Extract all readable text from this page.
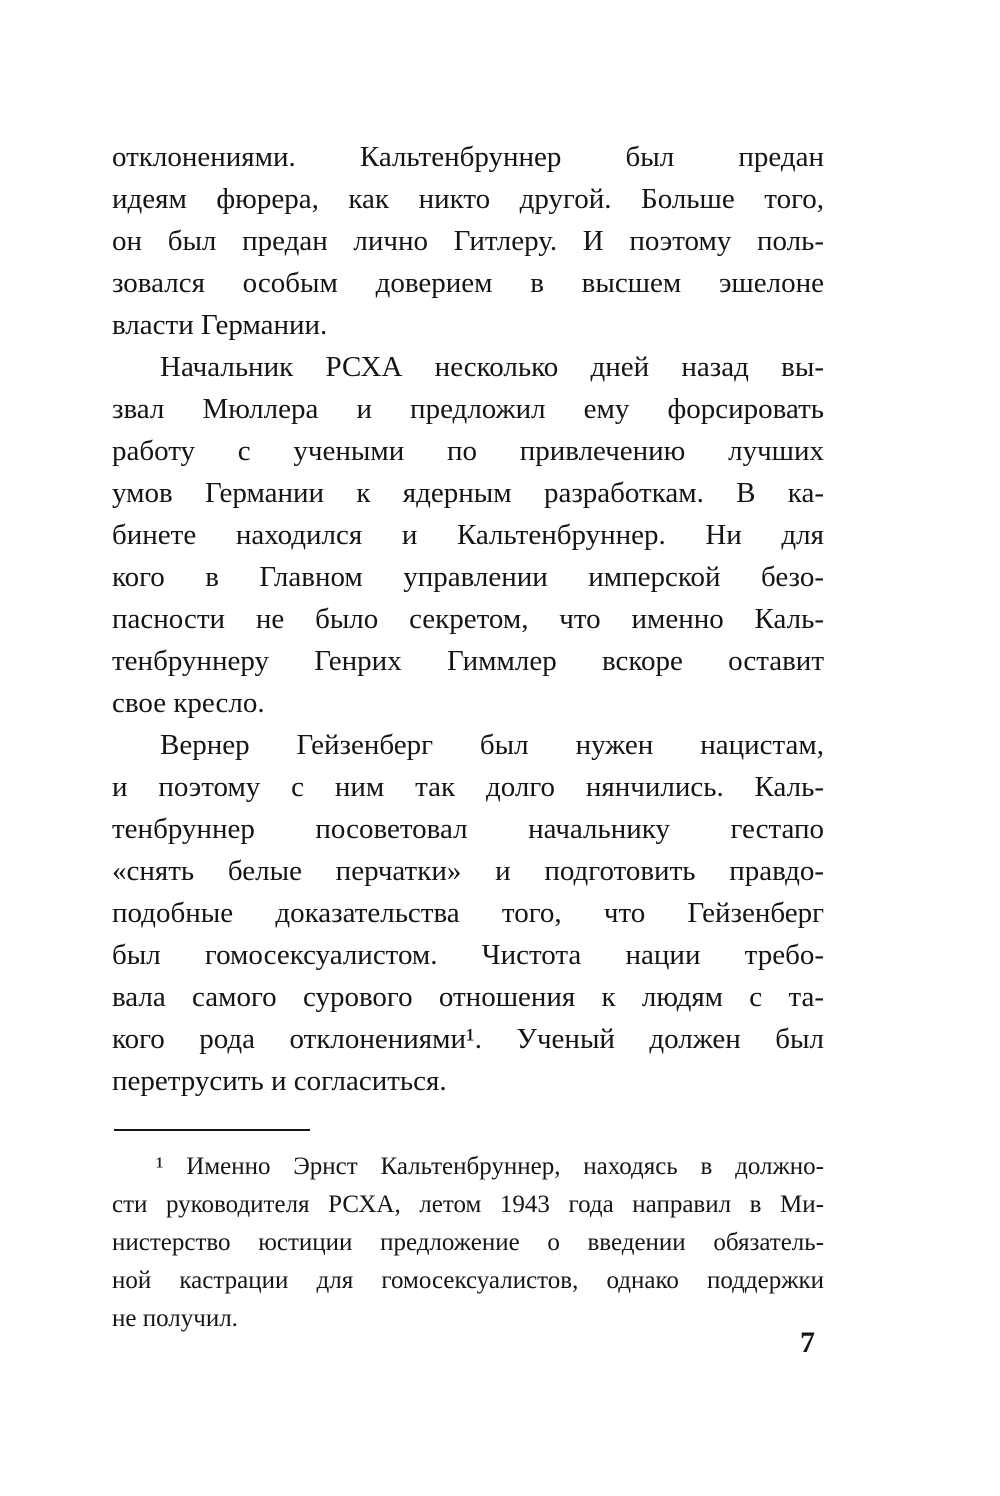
отклонениями. Кальтенбруннер был предан
идеям фюрера, как никто другой. Больше того,
он был предан лично Гитлеру. И поэтому поль-
зовался особым доверием в высшем эшелоне
власти Германии.
Начальник РСХА несколько дней назад вы-
звал Мюллера и предложил ему форсировать
работу с учеными по привлечению лучших
умов Германии к ядерным разработкам. В ка-
бинете находился и Кальтенбруннер. Ни для
кого в Главном управлении имперской безо-
пасности не было секретом, что именно Каль-
тенбруннеру Генрих Гиммлер вскоре оставит
свое кресло.
Вернер Гейзенберг был нужен нацистам,
и поэтому с ним так долго нянчились. Каль-
тенбруннер посоветовал начальнику гестапо
«снять белые перчатки» и подготовить правдо-
подобные доказательства того, что Гейзенберг
был гомосексуалистом. Чистота нации требо-
вала самого сурового отношения к людям с та-
кого рода отклонениями¹. Ученый должен был
перетрусить и согласиться.
¹ Именно Эрнст Кальтенбруннер, находясь в должно-
сти руководителя РСХА, летом 1943 года направил в Ми-
нистерство юстиции предложение о введении обязатель-
ной кастрации для гомосексуалистов, однако поддержки
не получил.
7
